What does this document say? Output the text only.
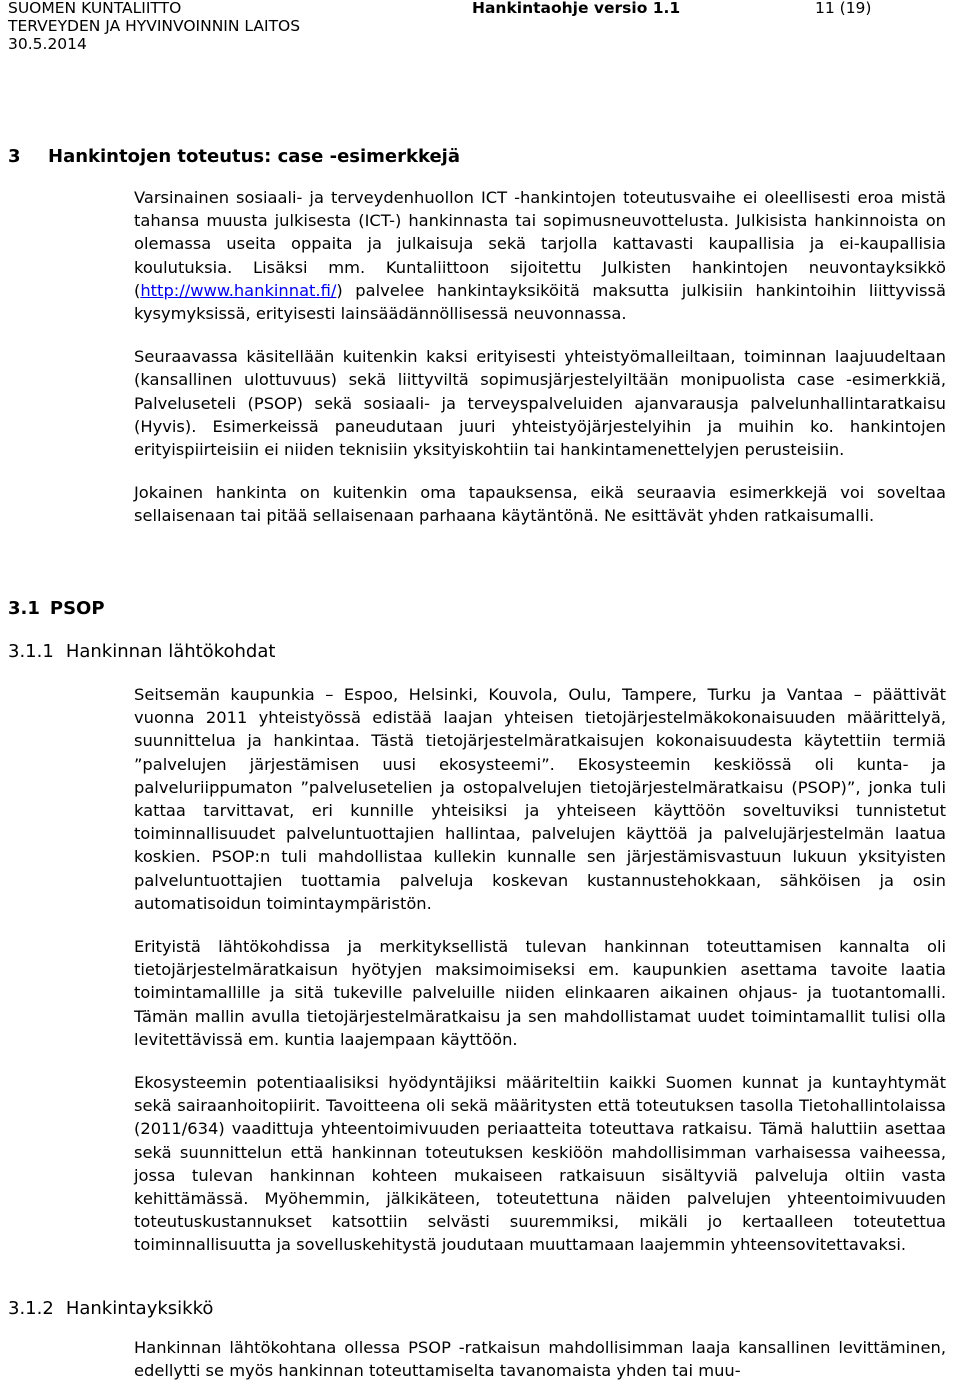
SUOMEN KUNTALIITTO
TERVEYDEN JA HYVINVOINNIN LAITOS
30.5.2014
Hankintaohje versio 1.1	11 (19)
3 Hankintojen toteutus: case -esimerkkejä

Varsinainen sosiaali- ja terveydenhuollon ICT -hankintojen toteutusvaihe ei oleellisesti eroa mistä tahansa muusta julkisesta (ICT-) hankinnasta tai sopimusneuvottelusta. Julkisista hankinnoista on olemassa useita oppaita ja julkaisuja sekä tarjolla kattavasti kaupallisia ja ei-kaupallisia koulutuksia. Lisäksi mm. Kuntaliittoon sijoitettu Julkisten hankintojen neuvontayksikkö (http://www.hankinnat.fi/) palvelee hankintayksiköitä maksutta julkisiin hankintoihin liittyvissä kysymyksissä, erityisesti lainsäädännöllisessä neuvonnassa.

Seuraavassa käsitellään kuitenkin kaksi erityisesti yhteistyömalleiltaan, toiminnan laajuudeltaan (kansallinen ulottuvuus) sekä liittyviltä sopimusjärjestelyiltään monipuolista case -esimerkkiä, Palveluseteli (PSOP) sekä sosiaali- ja terveyspalveluiden ajanvarausja palvelunhallintaratkaisu (Hyvis). Esimerkeissä paneudutaan juuri yhteistyöjärjestelyihin ja muihin ko. hankintojen erityispiirteisiin ei niiden teknisiin yksityiskohtiin tai hankintamenettelyjen perusteisiin.

Jokainen hankinta on kuitenkin oma tapauksensa, eikä seuraavia esimerkkejä voi soveltaa sellaisenaan tai pitää sellaisenaan parhaana käytäntönä. Ne esittävät yhden ratkaisumalli.

3.1 PSOP
3.1.1 Hankinnan lähtökohdat

Seitsemän kaupunkia – Espoo, Helsinki, Kouvola, Oulu, Tampere, Turku ja Vantaa – päättivät vuonna 2011 yhteistyössä edistää laajan yhteisen tietojärjestelmäkokonaisuuden määrittelyä, suunnittelua ja hankintaa. Tästä tietojärjestelmäratkaisujen kokonaisuudesta käytettiin termiä ”palvelujen järjestämisen uusi ekosysteemi”. Ekosysteemin keskiössä oli kunta- ja palveluriippumaton ”palvelusetelien ja ostopalvelujen tietojärjestelmäratkaisu (PSOP)”, jonka tuli kattaa tarvittavat, eri kunnille yhteisiksi ja yhteiseen käyttöön soveltuviksi tunnistetut toiminnallisuudet palveluntuottajien hallintaa, palvelujen käyttöä ja palvelujärjestelmän laatua koskien. PSOP:n tuli mahdollistaa kullekin kunnalle sen järjestämisvastuun lukuun yksityisten palveluntuottajien tuottamia palveluja koskevan kustannustehokkaan, sähköisen ja osin automatisoidun toimintaympäristön.

Erityistä lähtökohdissa ja merkityksellistä tulevan hankinnan toteuttamisen kannalta oli tietojärjestelmäratkaisun hyötyjen maksimoimiseksi em. kaupunkien asettama tavoite laatia toimintamallille ja sitä tukeville palveluille niiden elinkaaren aikainen ohjaus- ja tuotantomalli. Tämän mallin avulla tietojärjestelmäratkaisu ja sen mahdollistamat uudet toimintamallit tulisi olla levitettävissä em. kuntia laajempaan käyttöön.

Ekosysteemin potentiaalisiksi hyödyntäjiksi määriteltiin kaikki Suomen kunnat ja kuntayhtymät sekä sairaanhoitopiirit. Tavoitteena oli sekä määritysten että toteutuksen tasolla Tietohallintolaissa (2011/634) vaadittuja yhteentoimivuuden periaatteita toteuttava ratkaisu. Tämä haluttiin asettaa sekä suunnittelun että hankinnan toteutuksen keskiöön mahdollisimman varhaisessa vaiheessa, jossa tulevan hankinnan kohteen mukaiseen ratkaisuun sisältyviä palveluja oltiin vasta kehittämässä. Myöhemmin, jälkikäteen, toteutettuna näiden palvelujen yhteentoimivuuden toteutuskustannukset katsottiin selvästi suuremmiksi, mikäli jo kertaalleen toteutettua toiminnallisuutta ja sovelluskehitystä joudutaan muuttamaan laajemmin yhteensovitettavaksi.

3.1.2 Hankintayksikkö

Hankinnan lähtökohtana ollessa PSOP -ratkaisun mahdollisimman laaja kansallinen levittäminen, edellytti se myös hankinnan toteuttamiselta tavanomaista yhden tai muu-
